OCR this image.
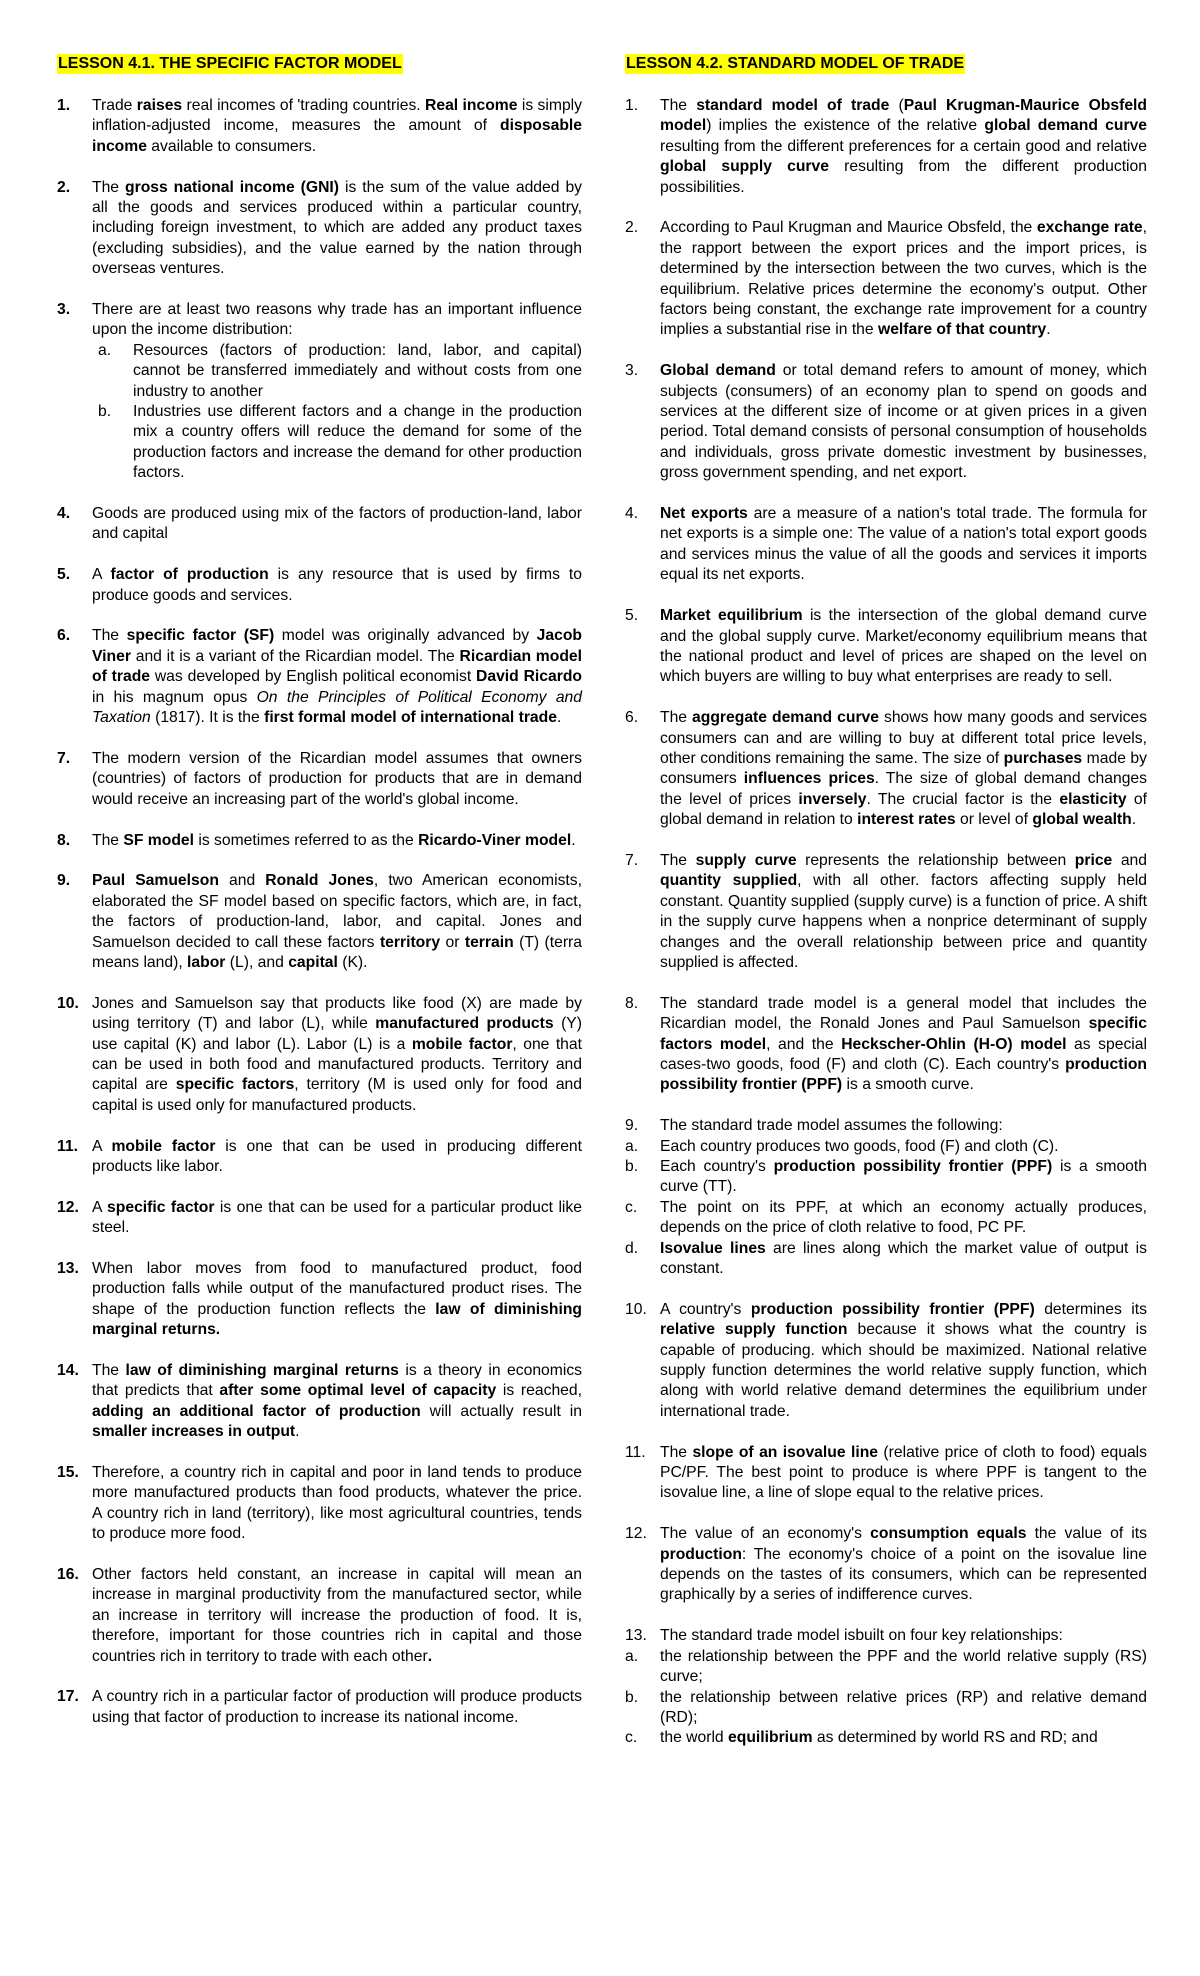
LESSON 4.1. THE SPECIFIC FACTOR MODEL
1.	Trade raises real incomes of 'trading countries. Real income is simply inflation-adjusted income, measures the amount of disposable income available to consumers.

2.	The gross national income (GNI) is the sum of the value added by all the goods and services produced within a particular country, including foreign investment, to which are added any product taxes (excluding subsidies), and the value earned by the nation through overseas ventures.

3.	There are at least two reasons why trade has an important influence upon the income distribution:

a.	Resources (factors of production: land, labor, and capital) cannot be transferred immediately and without costs from one industry to another
b.	Industries use different factors and a change in the production mix a country offers will reduce the demand for some of the production factors and increase the demand for other production factors.
4.	Goods are produced using mix of the factors of production-land, labor and capital

5.	A factor of production is any resource that is used by firms to produce goods and services.

6.	The specific factor (SF) model was originally advanced by Jacob Viner and it is a variant of the Ricardian model. The Ricardian model of trade was developed by English political economist David Ricardo in his magnum opus On the Principles of Political Economy and Taxation (1817). It is the first formal model of international trade.

7.	The modern version of the Ricardian model assumes that owners (countries) of factors of production for products that are in demand would receive an increasing part of the world's global income.

8.	The SF model is sometimes referred to as the Ricardo-Viner model.

9.	Paul Samuelson and Ronald Jones, two American economists, elaborated the SF model based on specific factors, which are, in fact, the factors of production-land, labor, and capital. Jones and Samuelson decided to call these factors territory or terrain (T) (terra means land), labor (L), and capital (K).

10. Jones and Samuelson say that products like food (X) are made by using territory (T) and labor (L), while manufactured products (Y) use capital (K) and labor (L). Labor (L) is a mobile factor, one that can be used in both food and manufactured products. Territory and capital are specific factors, territory (M is used only for food and capital is used only for manufactured products.

11. A mobile factor is one that can be used in producing different products like labor.

12. A specific factor is one that can be used for a particular product like steel.

13. When labor moves from food to manufactured product, food production falls while output of the manufactured product rises. The shape of the production function reflects the law of diminishing marginal returns.

14. The law of diminishing marginal returns is a theory in economics that predicts that after some optimal level of capacity is reached, adding an additional factor of production will actually result in smaller increases in output.

15. Therefore, a country rich in capital and poor in land tends to produce more manufactured products than food products, whatever the price. A country rich in land (territory), like most agricultural countries, tends to produce more food.

16. Other factors held constant, an increase in capital will mean an increase in marginal productivity from the manufactured sector, while an increase in territory will increase the production of food. It is, therefore, important for those countries rich in capital and those countries rich in territory to trade with each other.

17. A country rich in a particular factor of production will produce products using that factor of production to increase its national income.

LESSON 4.2. STANDARD MODEL OF TRADE
1.	The standard model of trade (Paul Krugman-Maurice Obsfeld model) implies the existence of the relative global demand curve resulting from the different preferences for a certain good and relative global supply curve resulting from the different production possibilities.

2.	According to Paul Krugman and Maurice Obsfeld, the exchange rate, the rapport between the export prices and the import prices, is determined by the intersection between the two curves, which is the equilibrium. Relative prices determine the economy's output. Other factors being constant, the exchange rate improvement for a country implies a substantial rise in the welfare of that country.

3.	Global demand or total demand refers to amount of money, which subjects (consumers) of an economy plan to spend on goods and services at the different size of income or at given prices in a given period. Total demand consists of personal consumption of households and individuals, gross private domestic investment by businesses, gross government spending, and net export.

4.	Net exports are a measure of a nation's total trade. The formula for net exports is a simple one: The value of a nation's total export goods and services minus the value of all the goods and services it imports equal its net exports.

5.	Market equilibrium is the intersection of the global demand curve and the global supply curve. Market/economy equilibrium means that the national product and level of prices are shaped on the level on which buyers are willing to buy what enterprises are ready to sell.

6.	The aggregate demand curve shows how many goods and services consumers can and are willing to buy at different total price levels, other conditions remaining the same. The size of purchases made by consumers influences prices. The size of global demand changes the level of prices inversely. The crucial factor is the elasticity of global demand in relation to interest rates or level of global wealth.

7.	The supply curve represents the relationship between price and quantity supplied, with all other. factors affecting supply held constant. Quantity supplied (supply curve) is a function of price. A shift in the supply curve happens when a nonprice determinant of supply changes and the overall relationship between price and quantity supplied is affected.

8.	The standard trade model is a general model that includes the Ricardian model, the Ronald Jones and Paul Samuelson specific factors model, and the Heckscher-Ohlin (H-O) model as special cases-two goods, food (F) and cloth (C). Each country's production possibility frontier (PPF) is a smooth curve.

9.	The standard trade model assumes the following:

a.	Each country produces two goods, food (F) and cloth (C).
b.	Each country's production possibility frontier (PPF) is a smooth curve (TT).
c.	The point on its PPF, at which an economy actually produces, depends on the price of cloth relative to food, PC PF.
d.	Isovalue lines are lines along which the market value of output is constant.
10. A country's production possibility frontier (PPF) determines its relative supply function because it shows what the country is capable of producing. which should be maximized. National relative supply function determines the world relative supply function, which along with world relative demand determines the equilibrium under international trade.

11. The slope of an isovalue line (relative price of cloth to food) equals PC/PF. The best point to produce is where PPF is tangent to the isovalue line, a line of slope equal to the relative prices.

12. The value of an economy's consumption equals the value of its production: The economy's choice of a point on the isovalue line depends on the tastes of its consumers, which can be represented graphically by a series of indifference curves.

13. The standard trade model isbuilt on four key relationships:

a.	the relationship between the PPF and the world relative supply (RS) curve;
b.	the relationship between relative prices (RP) and relative demand (RD);
c.	the world equilibrium as determined by world RS and RD; and
